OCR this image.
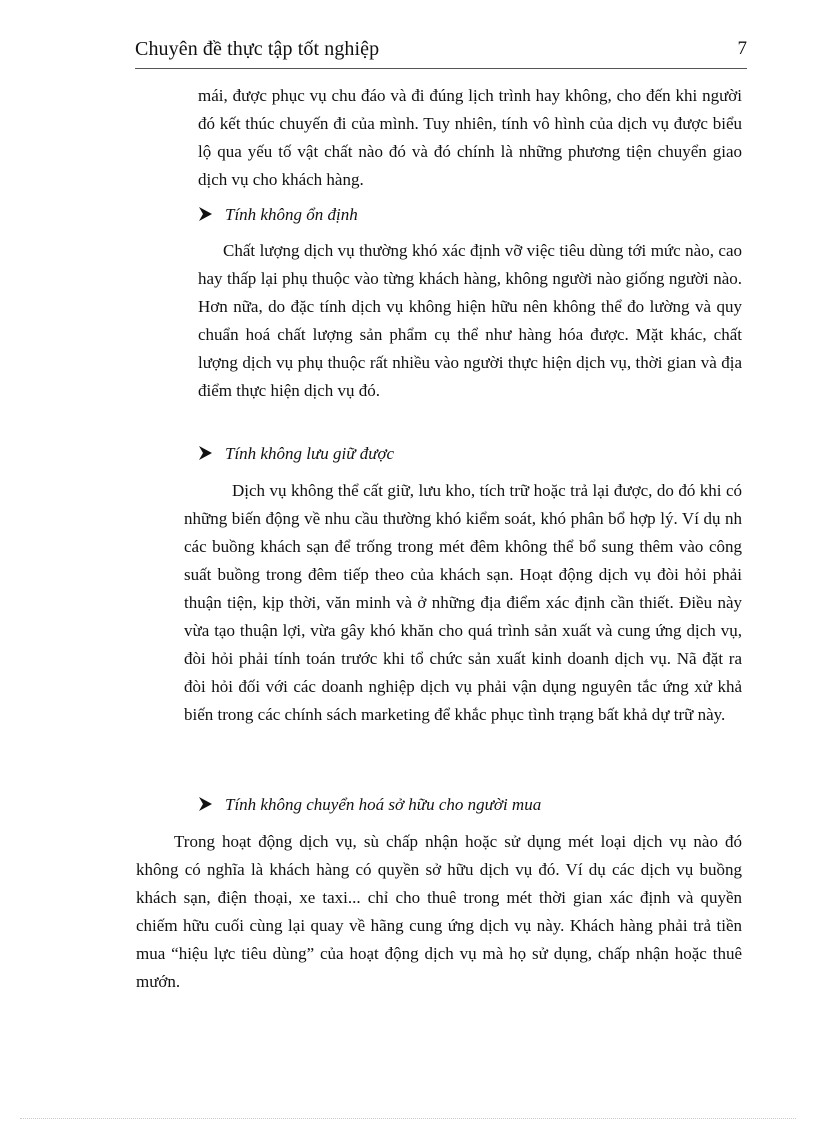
Chuyên đề thực tập tốt nghiệp	7

mái, được phục vụ chu đáo và đi đúng lịch trình hay không, cho đến khi người đó kết thúc chuyến đi của mình. Tuy nhiên, tính vô hình của dịch vụ được biểu lộ qua yếu tố vật chất nào đó và đó chính là những phương tiện chuyển giao dịch vụ cho khách hàng.

Tính không ổn định

Chất lượng dịch vụ thường khó xác định vỡ việc tiêu dùng tới mức nào, cao hay thấp lại phụ thuộc vào từng khách hàng, không người nào giống người nào. Hơn nữa, do đặc tính dịch vụ không hiện hữu nên không thể đo lường và quy chuẩn hoá chất lượng sản phẩm cụ thể như hàng hóa được. Mặt khác, chất lượng dịch vụ phụ thuộc rất nhiều vào người thực hiện dịch vụ, thời gian và địa điểm thực hiện dịch vụ đó.

Tính không lưu giữ được

Dịch vụ không thể cất giữ, lưu kho, tích trữ hoặc trả lại được, do đó khi có những biến động về nhu cầu thường khó kiểm soát, khó phân bổ hợp lý. Ví dụ nh các buồng khách sạn để trống trong mét đêm không thể bổ sung thêm vào công suất buồng trong đêm tiếp theo của khách sạn. Hoạt động dịch vụ đòi hỏi phải thuận tiện, kịp thời, văn minh và ở những địa điểm xác định cần thiết. Điều này vừa tạo thuận lợi, vừa gây khó khăn cho quá trình sản xuất và cung ứng dịch vụ, đòi hỏi phải tính toán trước khi tổ chức sản xuất kinh doanh dịch vụ. Nã đặt ra đòi hỏi đối với các doanh nghiệp dịch vụ phải vận dụng nguyên tắc ứng xử khả biến trong các chính sách marketing để khắc phục tình trạng bất khả dự trữ này.

Tính không chuyển hoá sở hữu cho người mua

Trong hoạt động dịch vụ, sù chấp nhận hoặc sử dụng mét loại dịch vụ nào đó không có nghĩa là khách hàng có quyền sở hữu dịch vụ đó. Ví dụ các dịch vụ buồng khách sạn, điện thoại, xe taxi... chỉ cho thuê trong mét thời gian xác định và quyền chiếm hữu cuối cùng lại quay về hãng cung ứng dịch vụ này. Khách hàng phải trả tiền mua “hiệu lực tiêu dùng” của hoạt động dịch vụ mà họ sử dụng, chấp nhận hoặc thuê mướn.
